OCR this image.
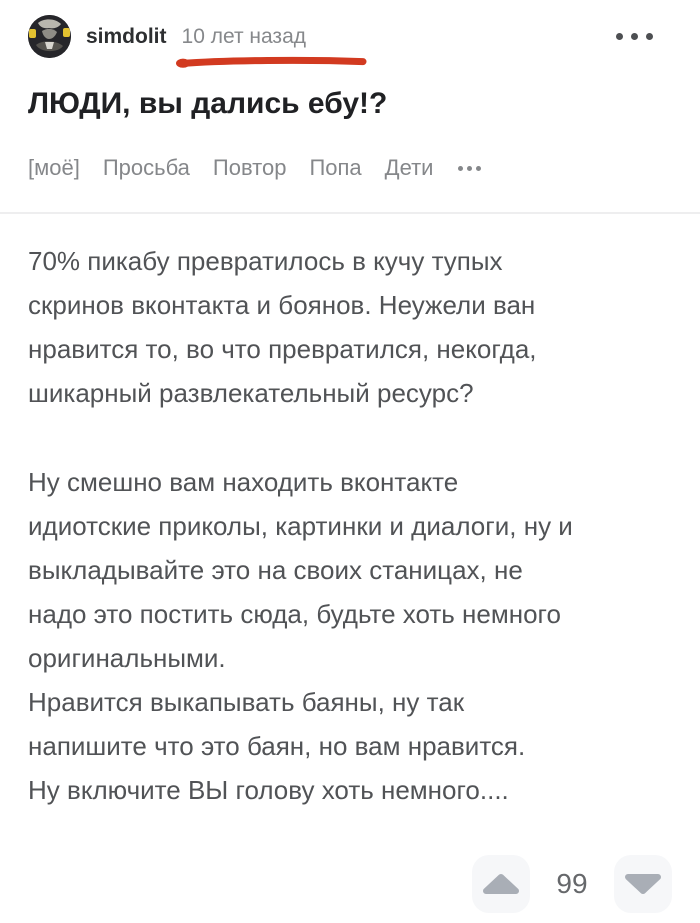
simdolit 10 лет назад
ЛЮДИ, вы дались ебу!?
[моё] Просьба Повтор Попа Дети

70% пикабу превратилось в кучу тупых
скринов вконтакта и боянов. Неужели ван
нравится то, во что превратился, некогда,
шикарный развлекательный ресурс?

Ну смешно вам находить вконтакте
идиотские приколы, картинки и диалоги, ну и
выкладывайте это на своих станицах, не
надо это постить сюда, будьте хоть немного
оригинальными.
Нравится выкапывать баяны, ну так
напишите что это баян, но вам нравится.
Ну включите ВЫ голову хоть немного....

99
